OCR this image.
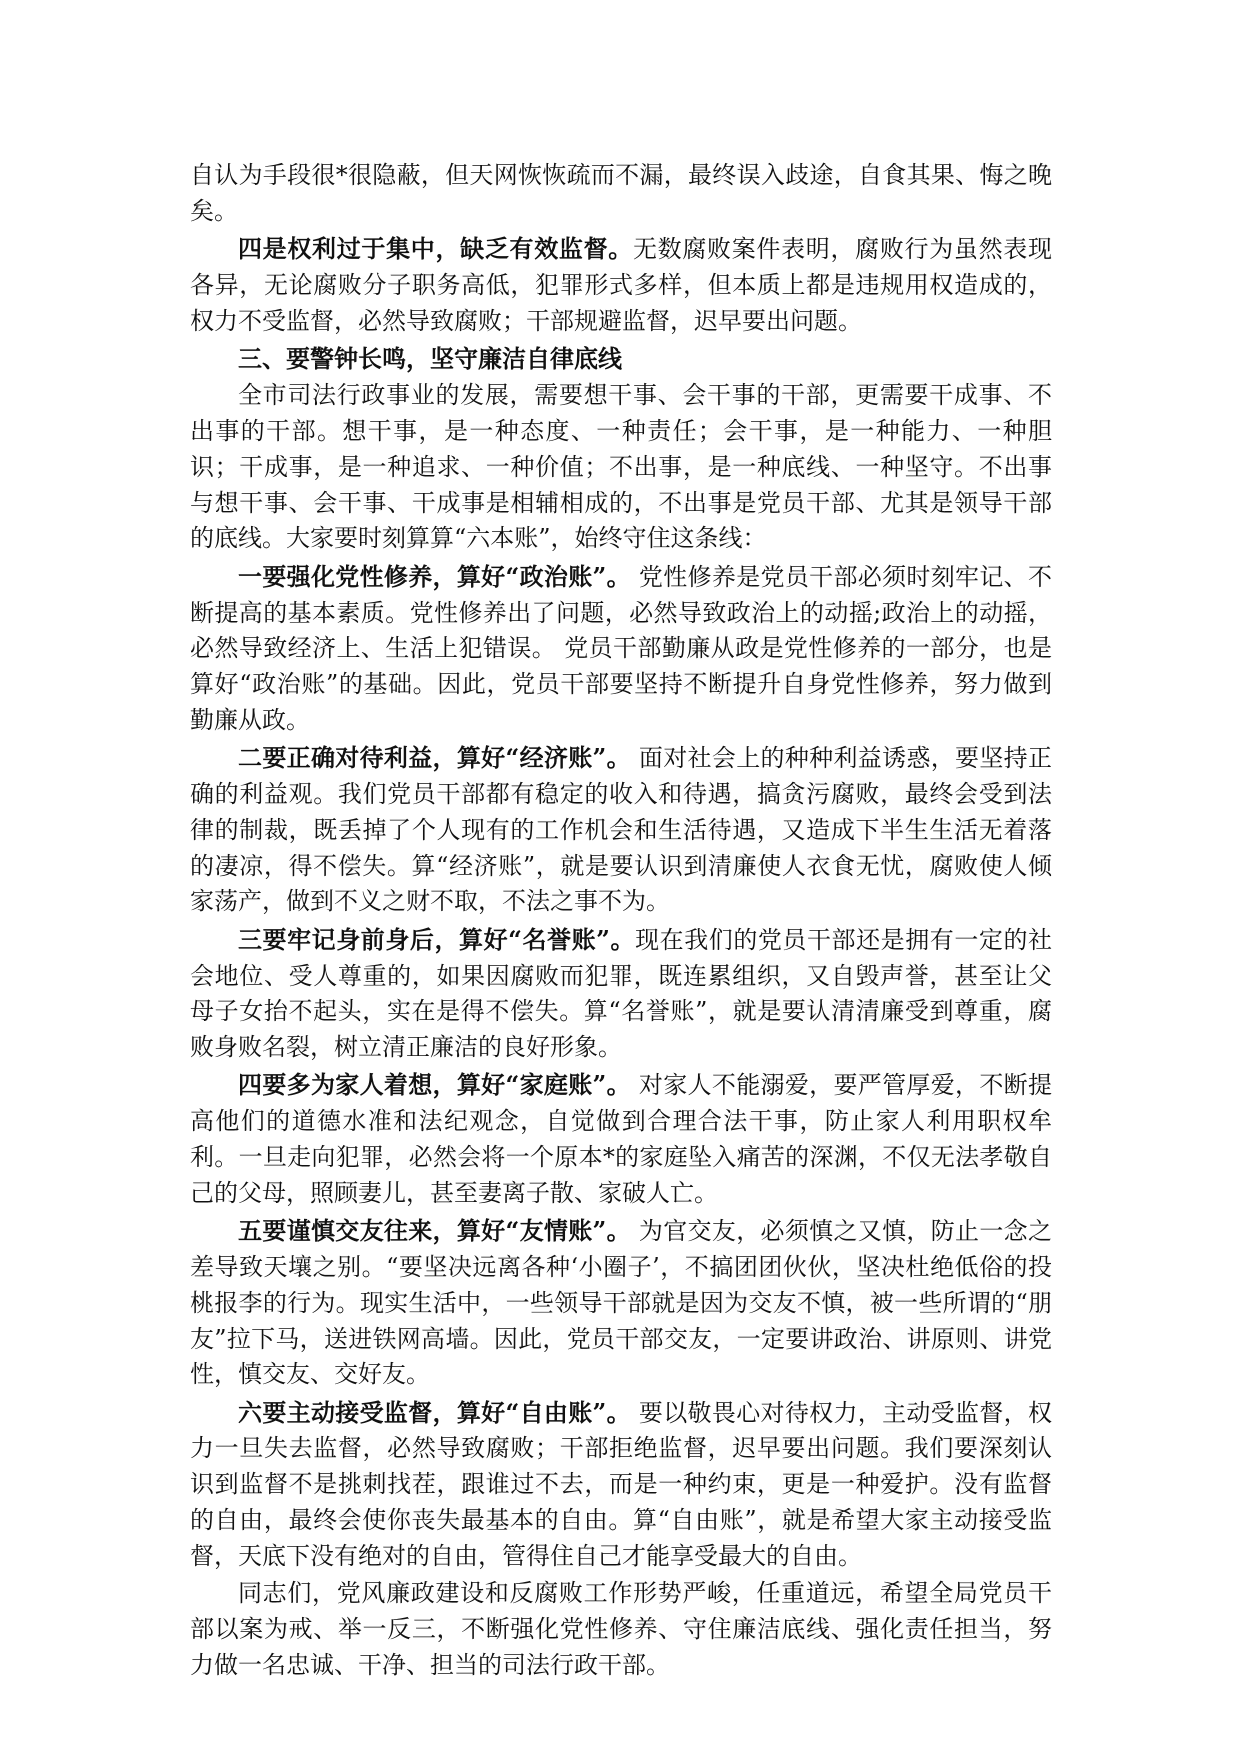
自认为手段很*很隐蔽，但天网恢恢疏而不漏，最终误入歧途，自食其果、悔之晚矣。

四是权利过于集中，缺乏有效监督。无数腐败案件表明，腐败行为虽然表现各异，无论腐败分子职务高低，犯罪形式多样，但本质上都是违规用权造成的，权力不受监督，必然导致腐败；干部规避监督，迟早要出问题。

三、要警钟长鸣，坚守廉洁自律底线

全市司法行政事业的发展，需要想干事、会干事的干部，更需要干成事、不出事的干部。想干事，是一种态度、一种责任；会干事，是一种能力、一种胆识；干成事，是一种追求、一种价值；不出事，是一种底线、一种坚守。不出事与想干事、会干事、干成事是相辅相成的，不出事是党员干部、尤其是领导干部的底线。大家要时刻算算“六本账”，始终守住这条线：

一要强化党性修养，算好“政治账”。 党性修养是党员干部必须时刻牢记、不断提高的基本素质。党性修养出了问题，必然导致政治上的动摇;政治上的动摇，必然导致经济上、生活上犯错误。 党员干部勤廉从政是党性修养的一部分，也是算好“政治账”的基础。因此，党员干部要坚持不断提升自身党性修养，努力做到勤廉从政。

二要正确对待利益，算好“经济账”。 面对社会上的种种利益诱惑，要坚持正确的利益观。我们党员干部都有稳定的收入和待遇，搞贪污腐败，最终会受到法律的制裁，既丢掉了个人现有的工作机会和生活待遇，又造成下半生生活无着落的凄凉，得不偿失。算“经济账”，就是要认识到清廉使人衣食无忧，腐败使人倾家荡产，做到不义之财不取，不法之事不为。

三要牢记身前身后，算好“名誉账”。现在我们的党员干部还是拥有一定的社会地位、受人尊重的，如果因腐败而犯罪，既连累组织，又自毁声誉，甚至让父母子女抬不起头，实在是得不偿失。算“名誉账”，就是要认清清廉受到尊重，腐败身败名裂，树立清正廉洁的良好形象。

四要多为家人着想，算好“家庭账”。 对家人不能溺爱，要严管厚爱，不断提高他们的道德水准和法纪观念，自觉做到合理合法干事，防止家人利用职权牟利。一旦走向犯罪，必然会将一个原本*的家庭坠入痛苦的深渊，不仅无法孝敬自己的父母，照顾妻儿，甚至妻离子散、家破人亡。

五要谨慎交友往来，算好“友情账”。 为官交友，必须慎之又慎，防止一念之差导致天壤之别。“要坚决远离各种‘小圈子’，不搞团团伙伙，坚决杜绝低俗的投桃报李的行为。现实生活中，一些领导干部就是因为交友不慎，被一些所谓的“朋友”拉下马，送进铁网高墙。因此，党员干部交友，一定要讲政治、讲原则、讲党性，慎交友、交好友。

六要主动接受监督，算好“自由账”。 要以敬畏心对待权力，主动受监督，权力一旦失去监督，必然导致腐败；干部拒绝监督，迟早要出问题。我们要深刻认识到监督不是挑刺找茬，跟谁过不去，而是一种约束，更是一种爱护。没有监督的自由，最终会使你丧失最基本的自由。算“自由账”，就是希望大家主动接受监督，天底下没有绝对的自由，管得住自己才能享受最大的自由。

同志们，党风廉政建设和反腐败工作形势严峻，任重道远，希望全局党员干部以案为戒、举一反三，不断强化党性修养、守住廉洁底线、强化责任担当，努力做一名忠诚、干净、担当的司法行政干部。
